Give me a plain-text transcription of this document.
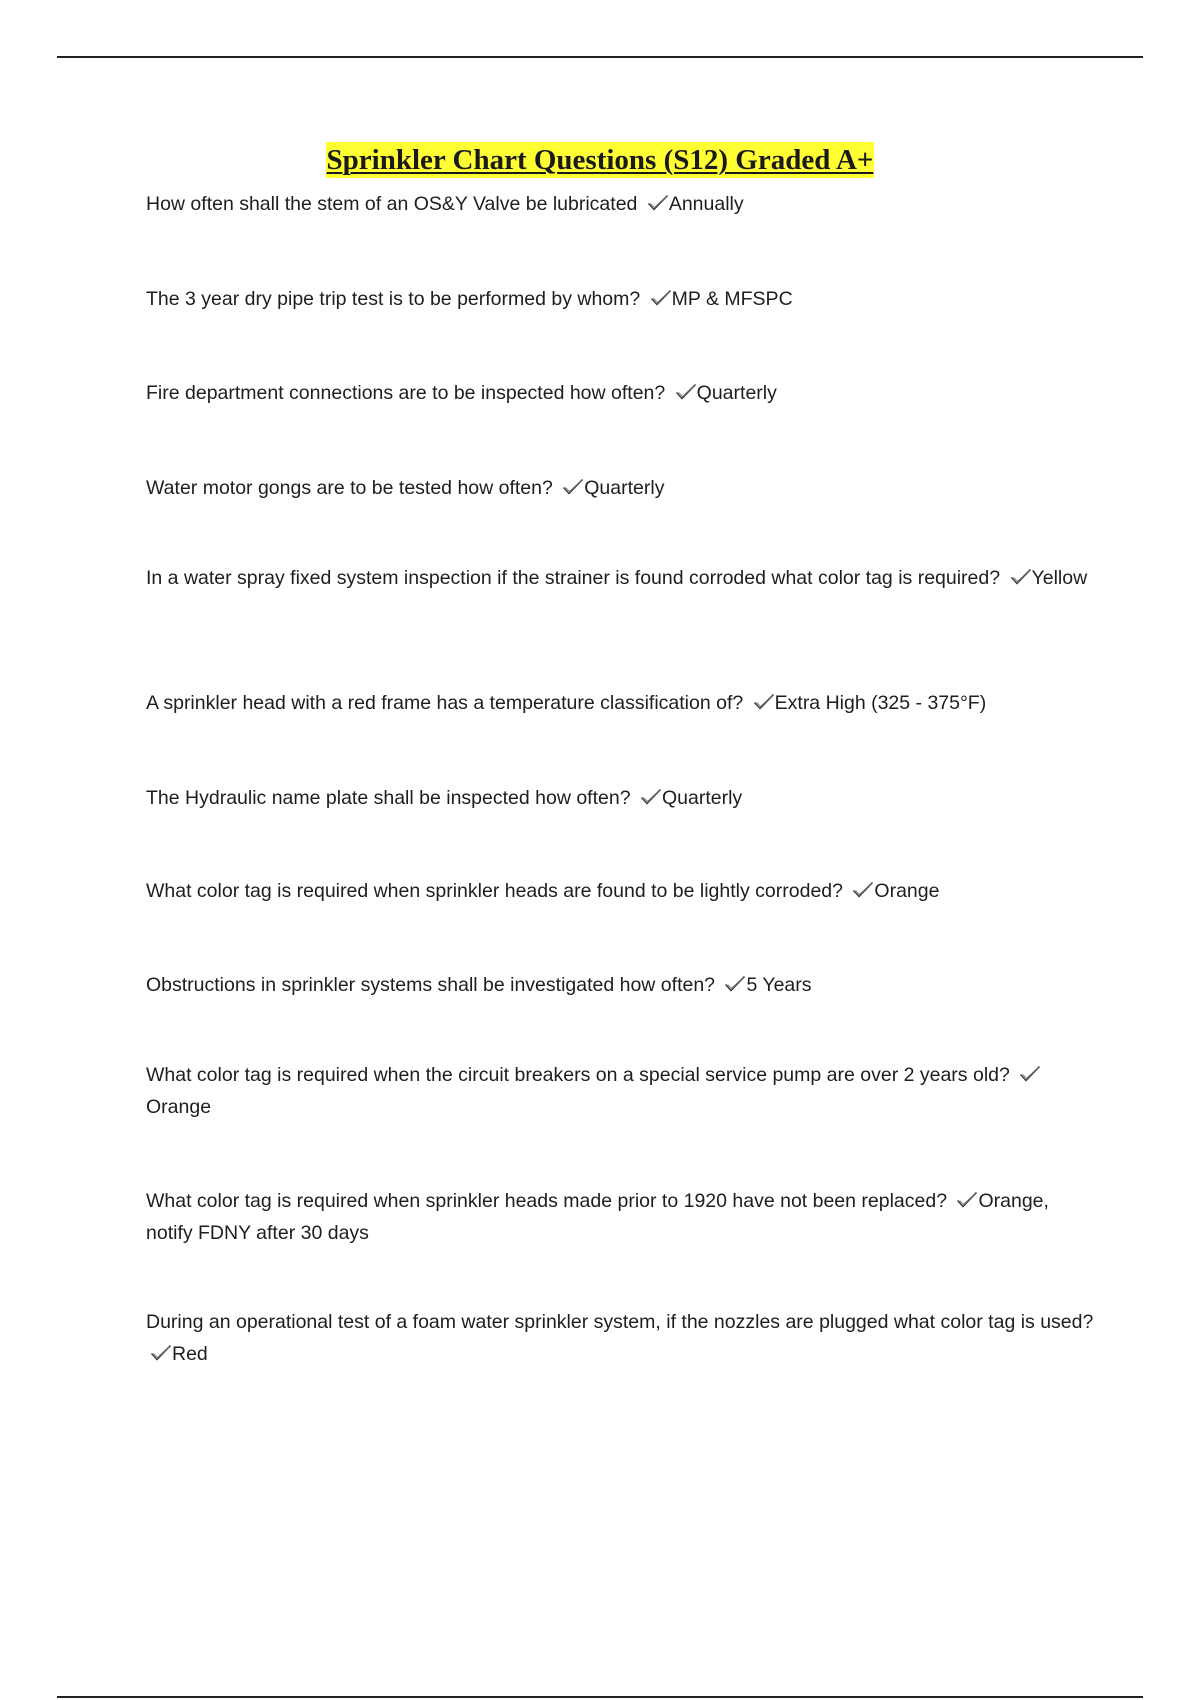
Sprinkler Chart Questions (S12) Graded A+
How often shall the stem of an OS&Y Valve be lubricated Annually
The 3 year dry pipe trip test is to be performed by whom? MP & MFSPC
Fire department connections are to be inspected how often? Quarterly
Water motor gongs are to be tested how often? Quarterly
In a water spray fixed system inspection if the strainer is found corroded what color tag is required? Yellow
A sprinkler head with a red frame has a temperature classification of? Extra High (325 - 375°F)
The Hydraulic name plate shall be inspected how often? Quarterly
What color tag is required when sprinkler heads are found to be lightly corroded? Orange
Obstructions in sprinkler systems shall be investigated how often? 5 Years
What color tag is required when the circuit breakers on a special service pump are over 2 years old?
Orange
What color tag is required when sprinkler heads made prior to 1920 have not been replaced? Orange, notify FDNY after 30 days
During an operational test of a foam water sprinkler system, if the nozzles are plugged what color tag is used?
Red
